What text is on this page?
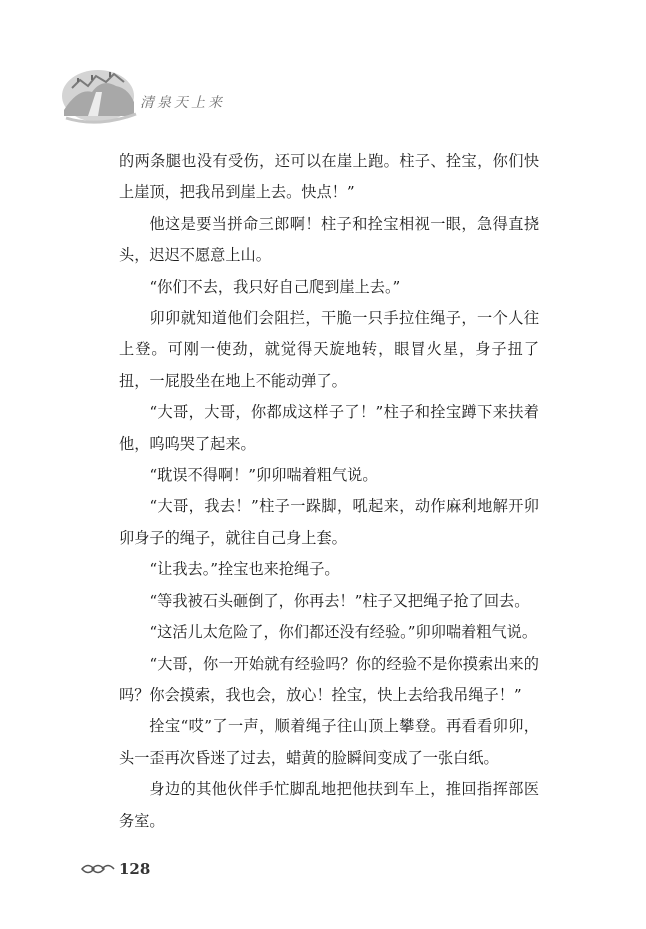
清泉天上来

的两条腿也没有受伤，还可以在崖上跑。柱子、拴宝，你们快上崖顶，把我吊到崖上去。快点！”

他这是要当拼命三郎啊！柱子和拴宝相视一眼，急得直挠头，迟迟不愿意上山。

“你们不去，我只好自己爬到崖上去。”

卯卯就知道他们会阻拦，干脆一只手拉住绳子，一个人往上登。可刚一使劲，就觉得天旋地转，眼冒火星，身子扭了扭，一屁股坐在地上不能动弹了。

“大哥，大哥，你都成这样子了！”柱子和拴宝蹲下来扶着他，呜呜哭了起来。

“耽误不得啊！”卯卯喘着粗气说。

“大哥，我去！”柱子一跺脚，吼起来，动作麻利地解开卯卯身子的绳子，就往自己身上套。

“让我去。”拴宝也来抢绳子。

“等我被石头砸倒了，你再去！”柱子又把绳子抢了回去。

“这活儿太危险了，你们都还没有经验。”卯卯喘着粗气说。

“大哥，你一开始就有经验吗？你的经验不是你摸索出来的吗？你会摸索，我也会，放心！拴宝，快上去给我吊绳子！”

拴宝“哎”了一声，顺着绳子往山顶上攀登。再看看卯卯，头一歪再次昏迷了过去，蜡黄的脸瞬间变成了一张白纸。

身边的其他伙伴手忙脚乱地把他扶到车上，推回指挥部医务室。

128
